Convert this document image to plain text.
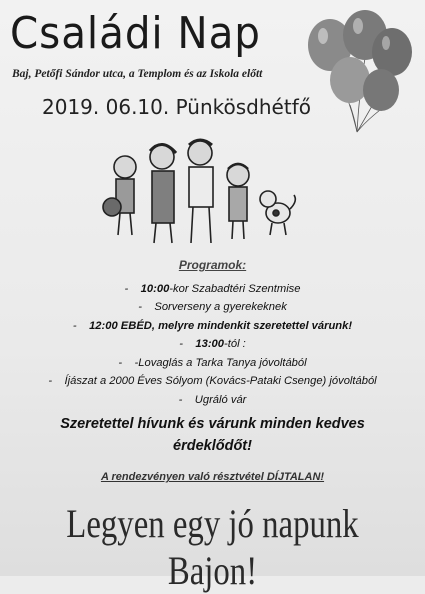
Családi Nap
Baj, Petőfi Sándor utca, a Templom és az Iskola előtt
2019. 06.10. Pünkösdhétfő
Programok:
- 10:00-kor Szabadtéri Szentmise
- Sorverseny a gyerekeknek
- 12:00 EBÉD, melyre mindenkit szeretettel várunk!
- 13:00-tól :
- -Lovaglás a Tarka Tanya jóvoltából
- Íjászat a 2000 Éves Sólyom (Kovács-Pataki Csenge) jóvoltából
- Ugráló vár
Szeretettel hívunk és várunk minden kedves
érdeklődőt!
A rendezvényen való résztvétel DÍJTALAN!
Legyen egy jó napunk Bajon!
